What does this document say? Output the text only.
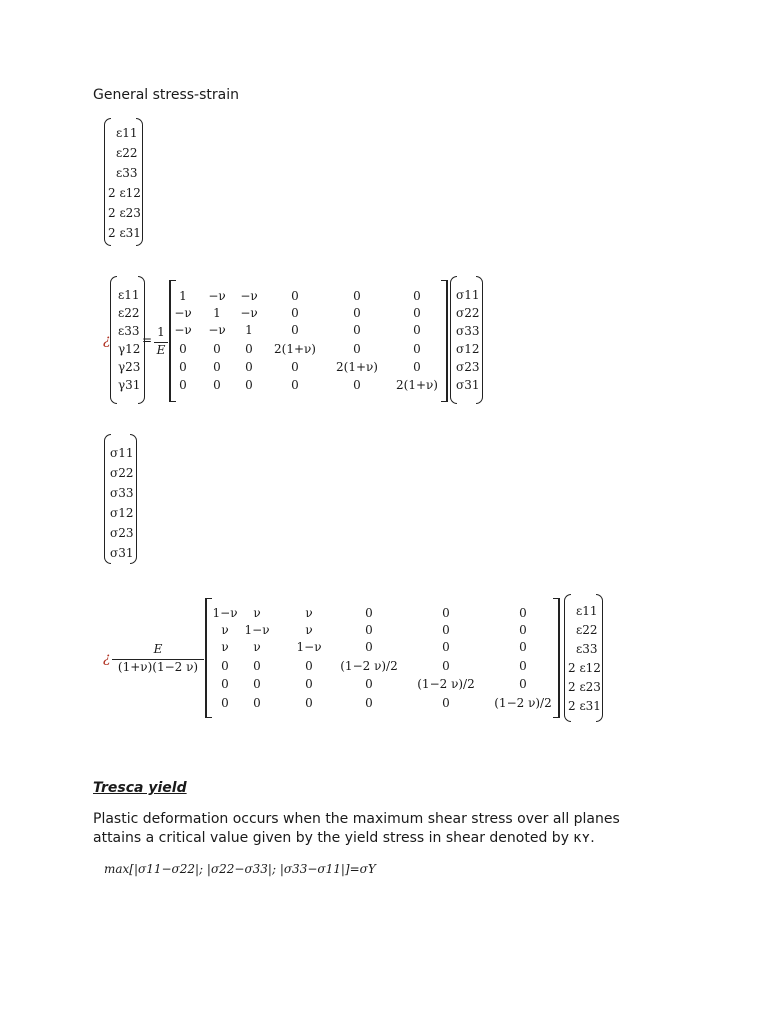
General stress-strain
ε11
ε22
ε33
2 ε12
2 ε23
2 ε31
¿
ε11
ε22
ε33
γ12
γ23
γ31
=
1
E
1	−ν	−ν	0	0	0
−ν	1	−ν	0	0	0
−ν	−ν	1	0	0	0
0	0	0	2(1+ν)	0	0
0	0	0	0	2(1+ν)	0
0	0	0	0	0	2(1+ν)
σ11
σ22
σ33
σ12
σ23
σ31
σ11
σ22
σ33
σ12
σ23
σ31
¿
E
(1+ν)(1−2 ν)
1−ν	ν	ν	0	0	0
ν	1−ν	ν	0	0	0
ν	ν	1−ν	0	0	0
0	0	0	(1−2 ν)/2	0	0
0	0	0	0	(1−2 ν)/2	0
0	0	0	0	0	(1−2 ν)/2
ε11
ε22
ε33
2 ε12
2 ε23
2 ε31
Tresca yield
Plastic deformation occurs when the maximum shear stress over all planes attains a critical value given by the yield stress in shear denoted by κʏ.
max[|σ11−σ22|; |σ22−σ33|; |σ33−σ11|]=σY
